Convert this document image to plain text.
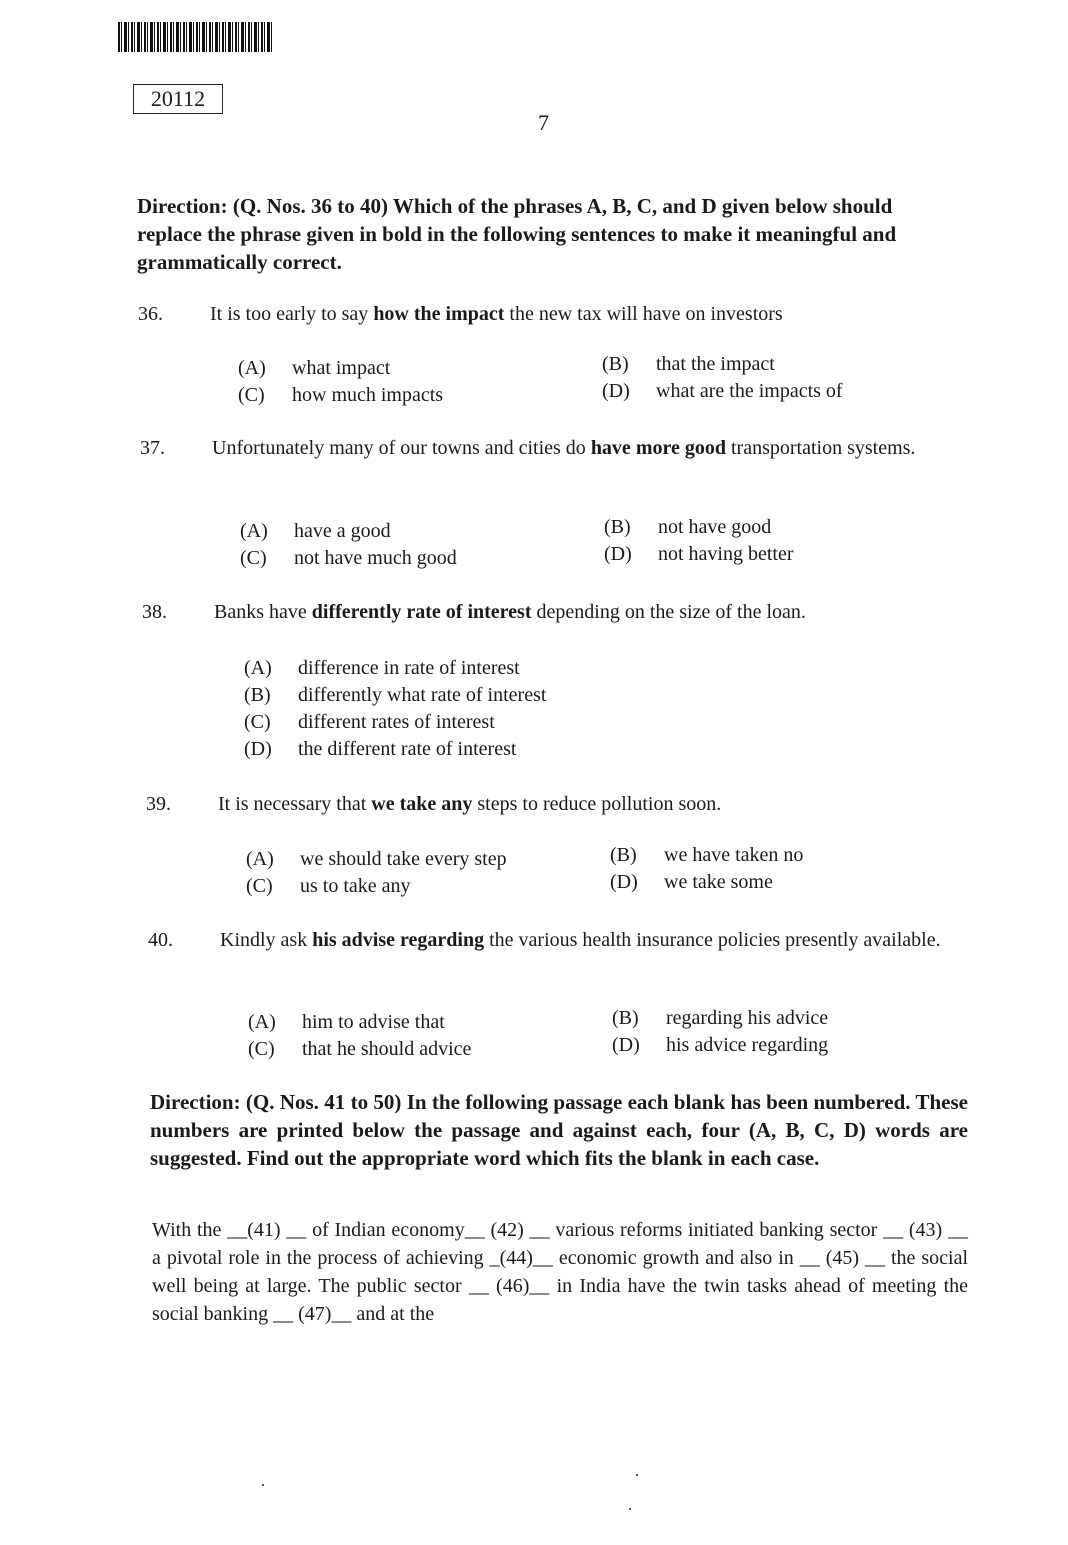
20112
7
Direction: (Q. Nos. 36 to 40) Which of the phrases A, B, C, and D given below should replace the phrase given in bold in the following sentences to make it meaningful and grammatically correct.
36. It is too early to say how the impact the new tax will have on investors
(A) what impact	(B) that the impact
(C) how much impacts	(D) what are the impacts of
37. Unfortunately many of our towns and cities do have more good transportation systems.
(A) have a good	(B) not have good
(C) not have much good	(D) not having better
38. Banks have differently rate of interest depending on the size of the loan.
(A) difference in rate of interest
(B) differently what rate of interest
(C) different rates of interest
(D) the different rate of interest
39. It is necessary that we take any steps to reduce pollution soon.
(A) we should take every step	(B) we have taken no
(C) us to take any	(D) we take some
40. Kindly ask his advise regarding the various health insurance policies presently available.
(A) him to advise that	(B) regarding his advice
(C) that he should advice	(D) his advice regarding
Direction: (Q. Nos. 41 to 50) In the following passage each blank has been numbered. These numbers are printed below the passage and against each, four (A, B, C, D) words are suggested. Find out the appropriate word which fits the blank in each case.
With the __(41) __ of Indian economy__ (42) __ various reforms initiated banking sector __ (43) __ a pivotal role in the process of achieving _(44)__ economic growth and also in __ (45) __ the social well being at large. The public sector __ (46)__ in India have the twin tasks ahead of meeting the social banking __ (47)__ and at the
